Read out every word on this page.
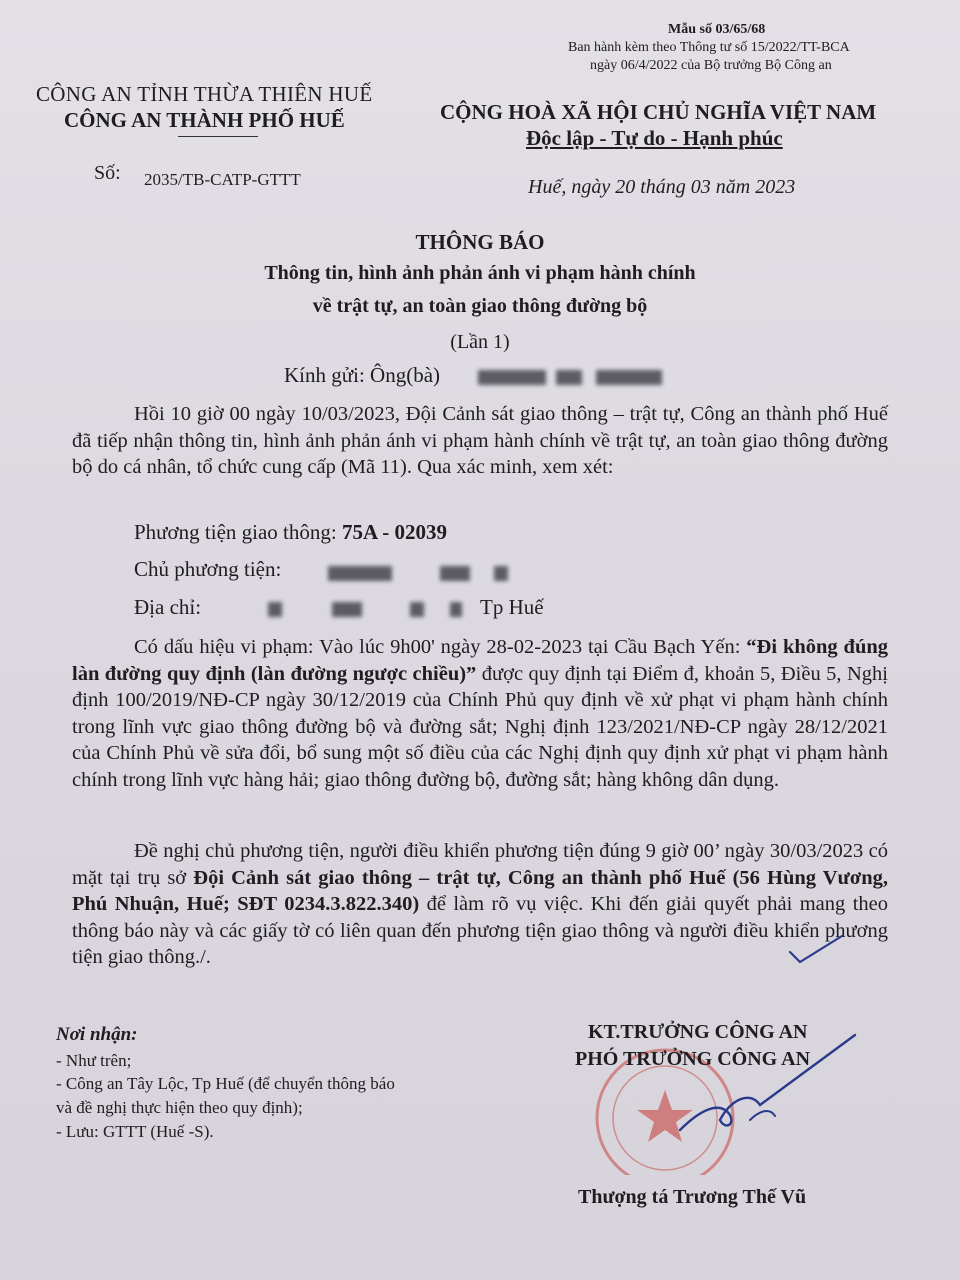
Mẫu số 03/65/68
Ban hành kèm theo Thông tư số 15/2022/TT-BCA
ngày 06/4/2022 của Bộ trưởng Bộ Công an
CÔNG AN TỈNH THỪA THIÊN HUẾ
CÔNG AN THÀNH PHỐ HUẾ	CỘNG HOÀ XÃ HỘI CHỦ NGHĨA VIỆT NAM
Độc lập - Tự do - Hạnh phúc
Số: 2035/TB-CATP-GTTT	Huế, ngày 20 tháng 03 năm 2023
THÔNG BÁO
Thông tin, hình ảnh phản ánh vi phạm hành chính
về trật tự, an toàn giao thông đường bộ
(Lần 1)
Kính gửi: Ông(bà)
Hồi 10 giờ 00 ngày 10/03/2023, Đội Cảnh sát giao thông – trật tự, Công an thành phố Huế đã tiếp nhận thông tin, hình ảnh phản ánh vi phạm hành chính về trật tự, an toàn giao thông đường bộ do cá nhân, tổ chức cung cấp (Mã 11). Qua xác minh, xem xét:
Phương tiện giao thông: 75A - 02039
Chủ phương tiện:
Địa chỉ:	Tp Huế
Có dấu hiệu vi phạm: Vào lúc 9h00' ngày 28-02-2023 tại Cầu Bạch Yến: “Đi không đúng làn đường quy định (làn đường ngược chiều)” được quy định tại Điểm đ, khoản 5, Điều 5, Nghị định 100/2019/NĐ-CP ngày 30/12/2019 của Chính Phủ quy định về xử phạt vi phạm hành chính trong lĩnh vực giao thông đường bộ và đường sắt; Nghị định 123/2021/NĐ-CP ngày 28/12/2021 của Chính Phủ về sửa đổi, bổ sung một số điều của các Nghị định quy định xử phạt vi phạm hành chính trong lĩnh vực hàng hải; giao thông đường bộ, đường sắt; hàng không dân dụng.
Đề nghị chủ phương tiện, người điều khiển phương tiện đúng 9 giờ 00’ ngày 30/03/2023 có mặt tại trụ sở Đội Cảnh sát giao thông – trật tự, Công an thành phố Huế (56 Hùng Vương, Phú Nhuận, Huế; SĐT 0234.3.822.340) để làm rõ vụ việc. Khi đến giải quyết phải mang theo thông báo này và các giấy tờ có liên quan đến phương tiện giao thông và người điều khiển phương tiện giao thông./.
Nơi nhận:
- Như trên;
- Công an Tây Lộc, Tp Huế (để chuyển thông báo
và đề nghị thực hiện theo quy định);
- Lưu: GTTT (Huế -S).
KT.TRƯỞNG CÔNG AN
PHÓ TRƯỞNG CÔNG AN
Thượng tá Trương Thế Vũ
